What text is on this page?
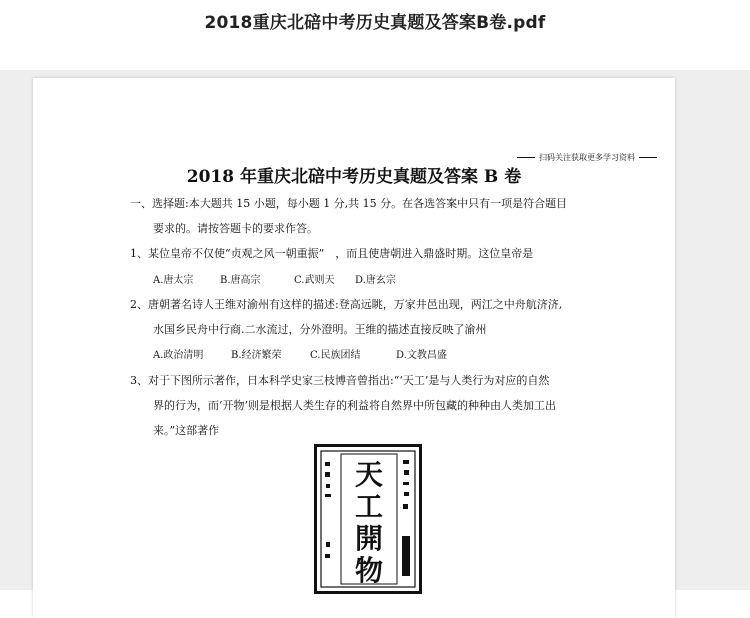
2018重庆北碚中考历史真题及答案B卷.pdf
扫码关注获取更多学习资料
2018 年重庆北碚中考历史真题及答案 B 卷
一、选择题:本大题共 15 小题，每小题 1 分,共 15 分。在各选答案中只有一项是符合题目
要求的。请按答题卡的要求作答。
1、某位皇帝不仅使“贞观之风一朝重振”　，而且使唐朝进入鼎盛时期。这位皇帝是
A.唐太宗	B.唐高宗	C.武则天 D.唐玄宗
2、唐朝著名诗人王维对渝州有这样的描述:登高远眺，万家井邑出现，两江之中舟航济济,
水国乡民舟中行商.二水流过，分外澄明。王维的描述直接反映了渝州
A.政治清明	B.经济繁荣	C.民族团结	D.文教昌盛
3、对于下图所示著作，日本科学史家三枝博音曾指出:“‘天工’是与人类行为对应的自然
界的行为，而‘开物’则是根据人类生存的利益将自然界中所包藏的种种由人类加工出
来。”这部著作
天
工
開
物
